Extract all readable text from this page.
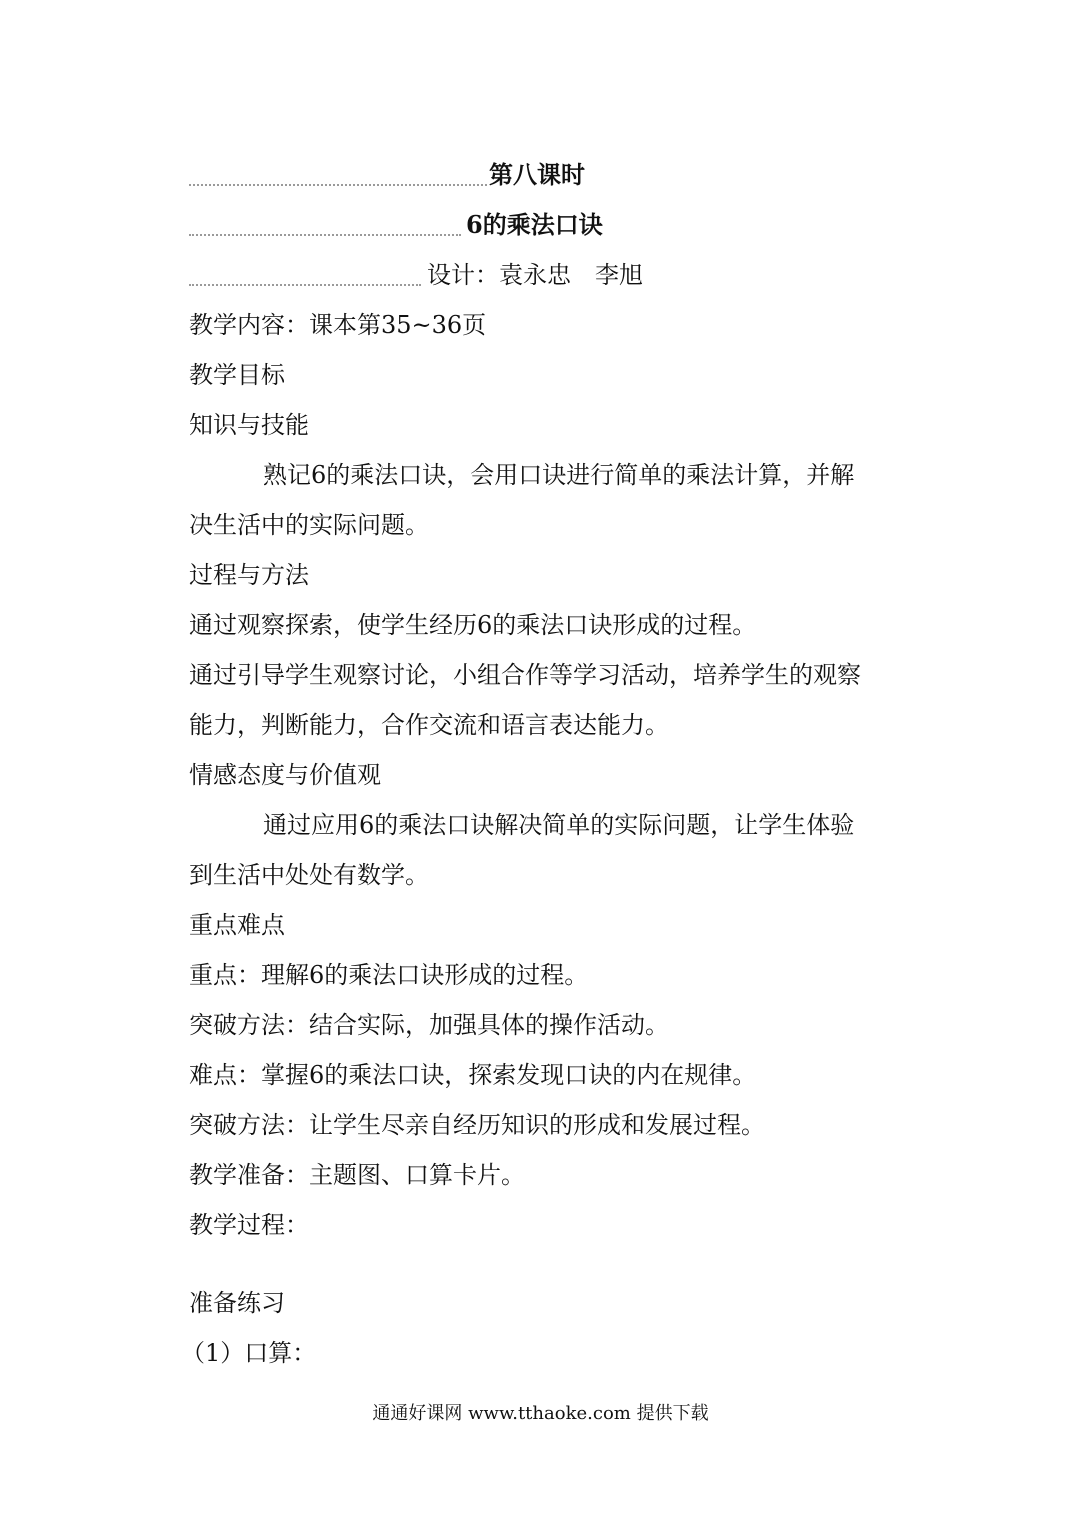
第八课时
6的乘法口诀
设计：袁永忠　李旭
教学内容：课本第35~36页
教学目标
知识与技能
熟记6的乘法口诀，会用口诀进行简单的乘法计算，并解
决生活中的实际问题。
过程与方法
通过观察探索，使学生经历6的乘法口诀形成的过程。
通过引导学生观察讨论，小组合作等学习活动，培养学生的观察
能力，判断能力，合作交流和语言表达能力。
情感态度与价值观
通过应用6的乘法口诀解决简单的实际问题，让学生体验
到生活中处处有数学。
重点难点
重点：理解6的乘法口诀形成的过程。
突破方法：结合实际，加强具体的操作活动。
难点：掌握6的乘法口诀，探索发现口诀的内在规律。
突破方法：让学生尽亲自经历知识的形成和发展过程。
教学准备：主题图、口算卡片。
教学过程：
准备练习
（1）口算：
通通好课网 www.tthaoke.com 提供下载
